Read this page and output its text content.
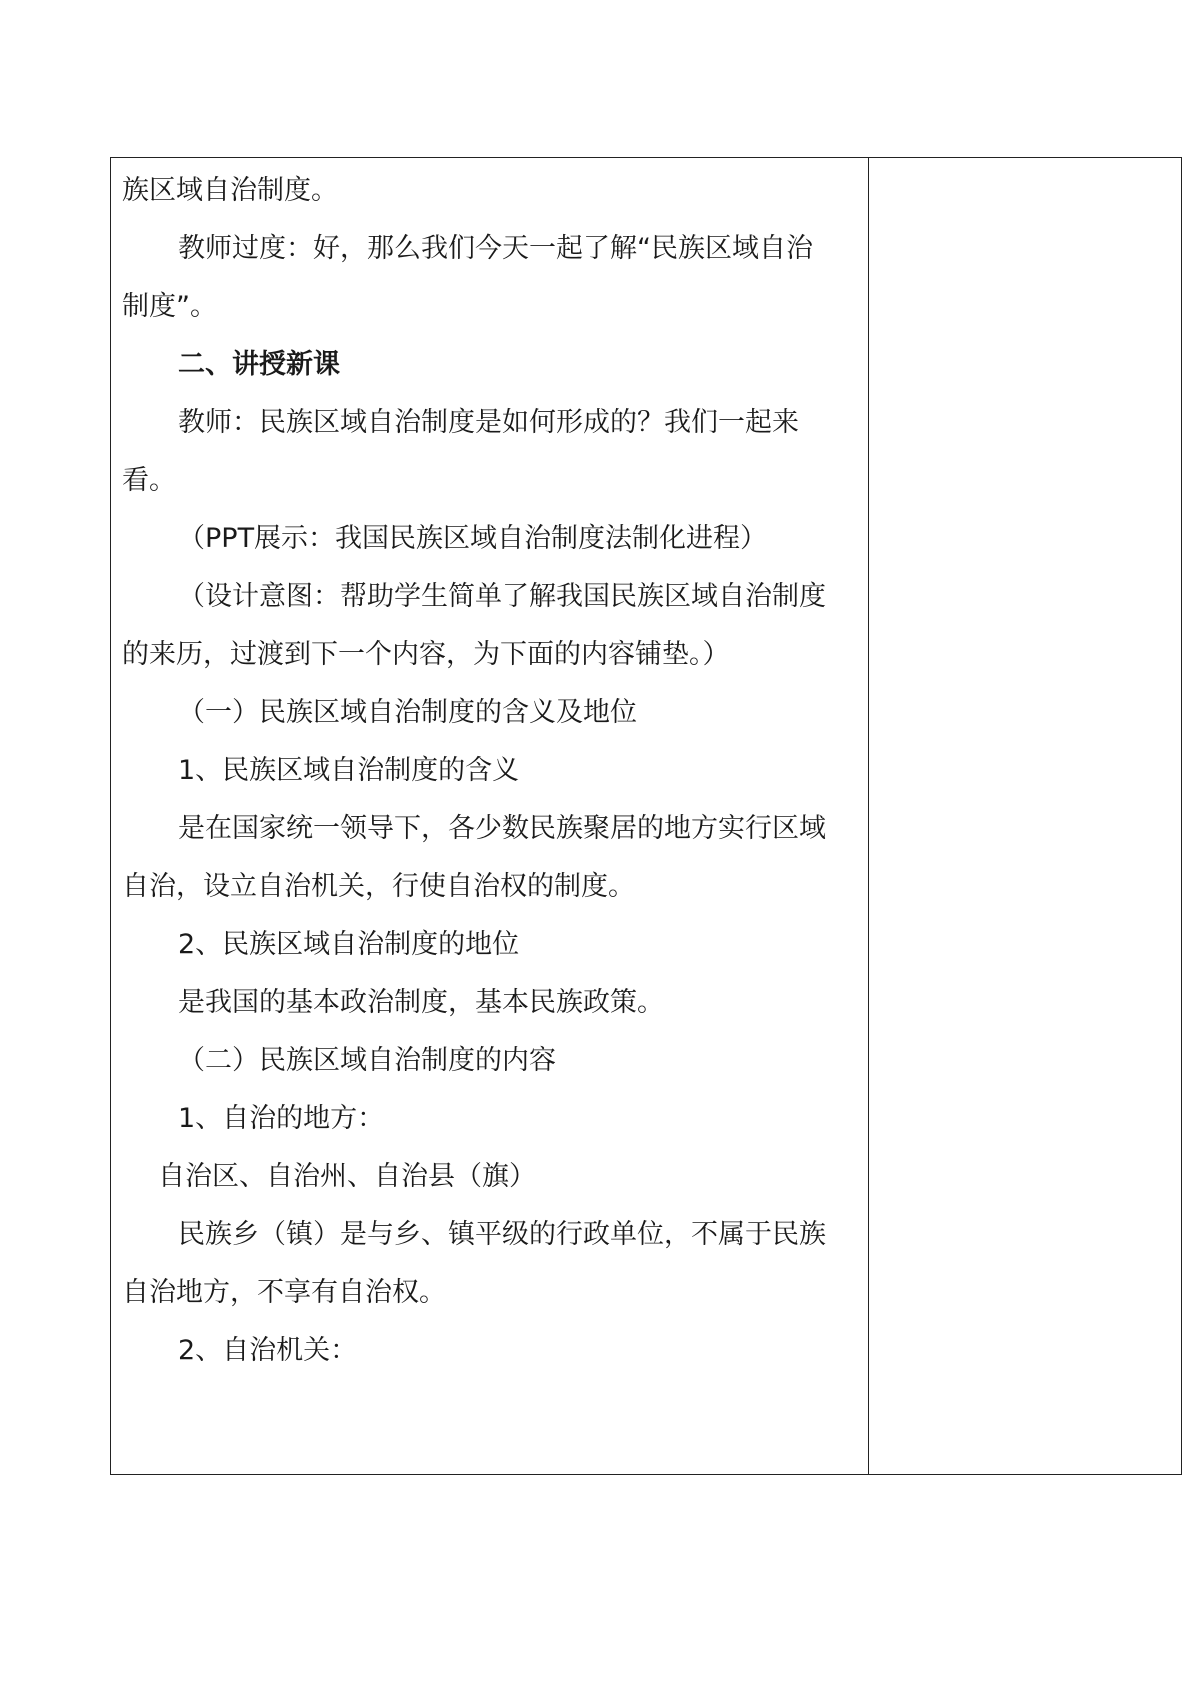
族区域自治制度。
教师过度：好，那么我们今天一起了解“民族区域自治
制度”。
二、讲授新课
教师：民族区域自治制度是如何形成的？我们一起来
看。
（PPT展示：我国民族区域自治制度法制化进程）
（设计意图：帮助学生简单了解我国民族区域自治制度
的来历，过渡到下一个内容，为下面的内容铺垫。）
（一）民族区域自治制度的含义及地位
1、民族区域自治制度的含义
是在国家统一领导下，各少数民族聚居的地方实行区域
自治，设立自治机关，行使自治权的制度。
2、民族区域自治制度的地位
是我国的基本政治制度，基本民族政策。
（二）民族区域自治制度的内容
1、自治的地方：
自治区、自治州、自治县（旗）
民族乡（镇）是与乡、镇平级的行政单位，不属于民族
自治地方，不享有自治权。
2、自治机关：
